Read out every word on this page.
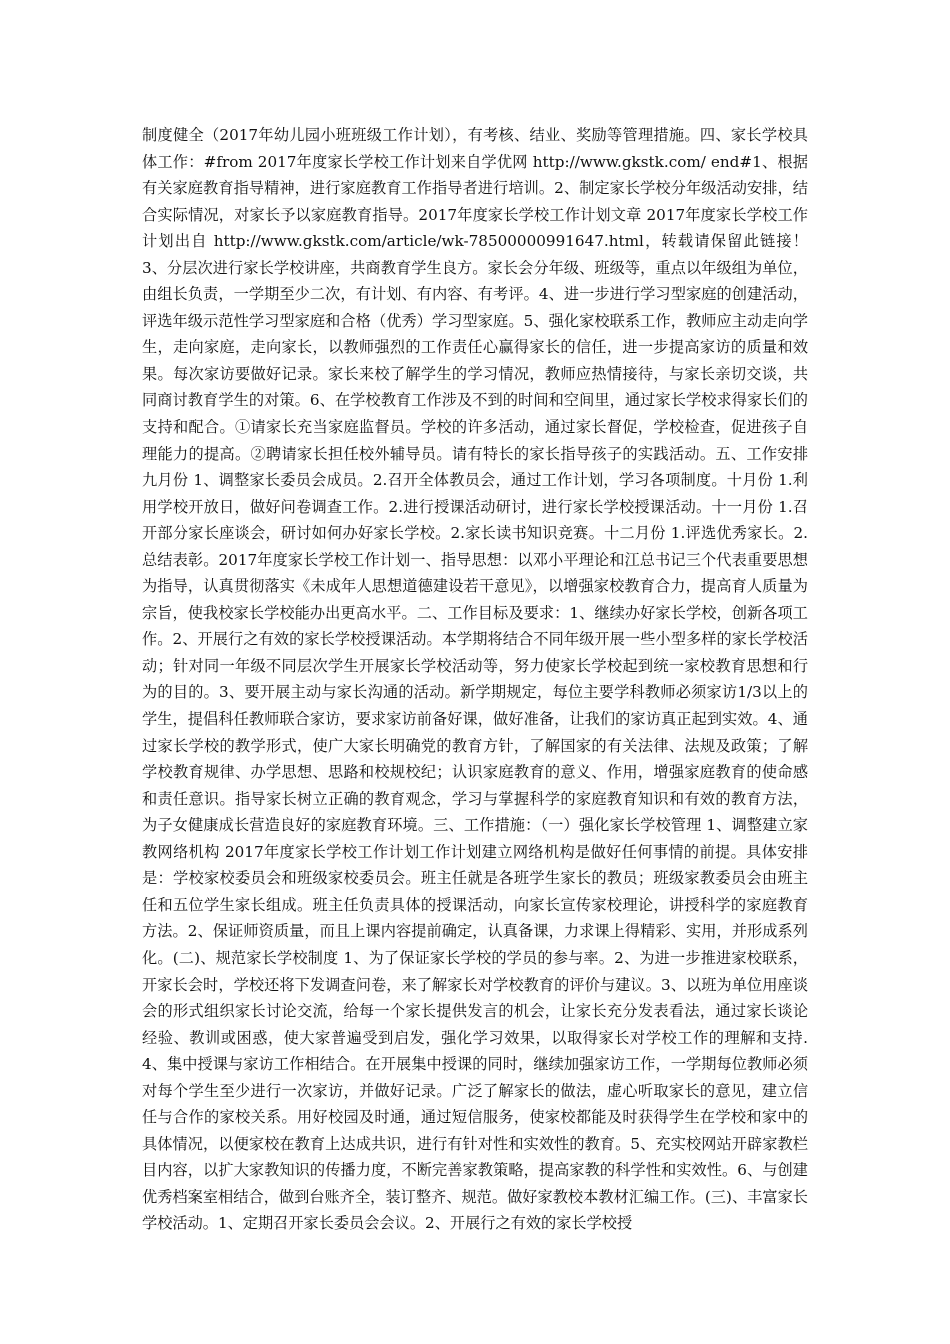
制度健全（2017年幼儿园小班班级工作计划），有考核、结业、奖励等管理措施。四、家长学校具体工作：#from 2017年度家长学校工作计划来自学优网 http://www.gkstk.com/ end#1、根据有关家庭教育指导精神，进行家庭教育工作指导者进行培训。2、制定家长学校分年级活动安排，结合实际情况，对家长予以家庭教育指导。2017年度家长学校工作计划文章 2017年度家长学校工作计划出自 http://www.gkstk.com/article/wk-78500000991647.html，转载请保留此链接！3、分层次进行家长学校讲座，共商教育学生良方。家长会分年级、班级等，重点以年级组为单位，由组长负责，一学期至少二次，有计划、有内容、有考评。4、进一步进行学习型家庭的创建活动，评选年级示范性学习型家庭和合格（优秀）学习型家庭。5、强化家校联系工作，教师应主动走向学生，走向家庭，走向家长，以教师强烈的工作责任心赢得家长的信任，进一步提高家访的质量和效果。每次家访要做好记录。家长来校了解学生的学习情况，教师应热情接待，与家长亲切交谈，共同商讨教育学生的对策。6、在学校教育工作涉及不到的时间和空间里，通过家长学校求得家长们的支持和配合。①请家长充当家庭监督员。学校的许多活动，通过家长督促，学校检查，促进孩子自理能力的提高。②聘请家长担任校外辅导员。请有特长的家长指导孩子的实践活动。五、工作安排九月份 1、调整家长委员会成员。2.召开全体教员会，通过工作计划，学习各项制度。十月份 1.利用学校开放日，做好问卷调查工作。2.进行授课活动研讨，进行家长学校授课活动。十一月份 1.召开部分家长座谈会，研讨如何办好家长学校。2.家长读书知识竞赛。十二月份 1.评选优秀家长。2.总结表彰。2017年度家长学校工作计划一、指导思想：以邓小平理论和江总书记三个代表重要思想为指导，认真贯彻落实《未成年人思想道德建设若干意见》，以增强家校教育合力，提高育人质量为宗旨，使我校家长学校能办出更高水平。二、工作目标及要求：1、继续办好家长学校，创新各项工作。2、开展行之有效的家长学校授课活动。本学期将结合不同年级开展一些小型多样的家长学校活动；针对同一年级不同层次学生开展家长学校活动等，努力使家长学校起到统一家校教育思想和行为的目的。3、要开展主动与家长沟通的活动。新学期规定，每位主要学科教师必须家访1/3以上的学生，提倡科任教师联合家访，要求家访前备好课，做好准备，让我们的家访真正起到实效。4、通过家长学校的教学形式，使广大家长明确党的教育方针，了解国家的有关法律、法规及政策；了解学校教育规律、办学思想、思路和校规校纪；认识家庭教育的意义、作用，增强家庭教育的使命感和责任意识。指导家长树立正确的教育观念，学习与掌握科学的家庭教育知识和有效的教育方法，为子女健康成长营造良好的家庭教育环境。三、工作措施：（一）强化家长学校管理 1、调整建立家教网络机构 2017年度家长学校工作计划工作计划建立网络机构是做好任何事情的前提。具体安排是：学校家校委员会和班级家校委员会。班主任就是各班学生家长的教员；班级家教委员会由班主任和五位学生家长组成。班主任负责具体的授课活动，向家长宣传家校理论，讲授科学的家庭教育方法。2、保证师资质量，而且上课内容提前确定，认真备课，力求课上得精彩、实用，并形成系列化。(二)、规范家长学校制度 1、为了保证家长学校的学员的参与率。2、为进一步推进家校联系，开家长会时，学校还将下发调查问卷，来了解家长对学校教育的评价与建议。3、以班为单位用座谈会的形式组织家长讨论交流，给每一个家长提供发言的机会，让家长充分发表看法，通过家长谈论经验、教训或困惑，使大家普遍受到启发，强化学习效果，以取得家长对学校工作的理解和支持.4、集中授课与家访工作相结合。在开展集中授课的同时，继续加强家访工作，一学期每位教师必须对每个学生至少进行一次家访，并做好记录。广泛了解家长的做法，虚心听取家长的意见，建立信任与合作的家校关系。用好校园及时通，通过短信服务，使家校都能及时获得学生在学校和家中的具体情况，以便家校在教育上达成共识，进行有针对性和实效性的教育。5、充实校网站开辟家教栏目内容，以扩大家教知识的传播力度，不断完善家教策略，提高家教的科学性和实效性。6、与创建优秀档案室相结合，做到台账齐全，装订整齐、规范。做好家教校本教材汇编工作。(三)、丰富家长学校活动。1、定期召开家长委员会会议。2、开展行之有效的家长学校授
